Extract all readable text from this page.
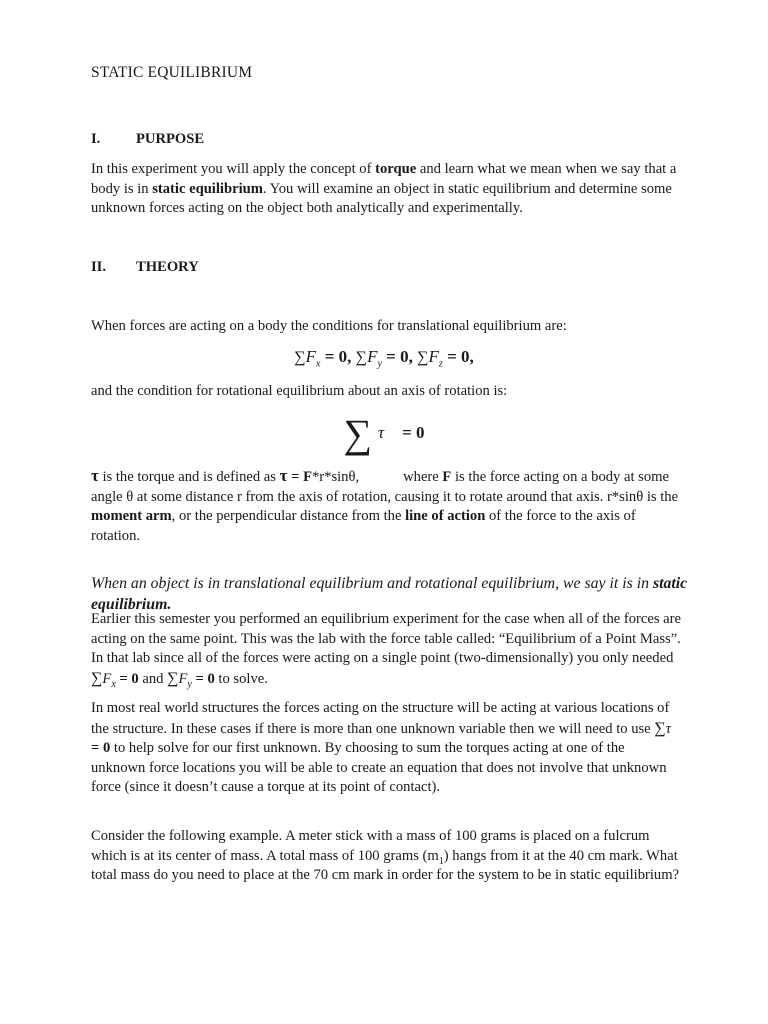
STATIC EQUILIBRIUM
I. PURPOSE

In this experiment you will apply the concept of torque and learn what we mean when we say that a body is in static equilibrium. You will examine an object in static equilibrium and determine some unknown forces acting on the object both analytically and experimentally.

II. THEORY

When forces are acting on a body the conditions for translational equilibrium are:

$\sum F_x = 0$, $\sum F_y = 0$, $\sum F_z = 0$,

and the condition for rotational equilibrium about an axis of rotation is:

∑ τ = 0

τ is the torque and is defined as τ = F*r*sinθ,	where F is the force acting on a body at some angle θ at some distance r from the axis of rotation, causing it to rotate around that axis. r*sinθ is the moment arm, or the perpendicular distance from the line of action of the force to the axis of rotation.

When an object is in translational equilibrium and rotational equilibrium, we say it is in static equilibrium.

Earlier this semester you performed an equilibrium experiment for the case when all of the forces are acting on the same point. This was the lab with the force table called: “Equilibrium of a Point Mass”. In that lab since all of the forces were acting on a single point (two-dimensionally) you only needed $\sum F_x = 0$ and $\sum F_y = 0$ to solve.

In most real world structures the forces acting on the structure will be acting at various locations of the structure. In these cases if there is more than one unknown variable then we will need to use ∑τ = 0 to help solve for our first unknown. By choosing to sum the torques acting at one of the unknown force locations you will be able to create an equation that does not involve that unknown force (since it doesn’t cause a torque at its point of contact).

Consider the following example. A meter stick with a mass of 100 grams is placed on a fulcrum which is at its center of mass. A total mass of 100 grams $(m_1)$ hangs from it at the 40 cm mark. What total mass do you need to place at the 70 cm mark in order for the system to be in static equilibrium?
